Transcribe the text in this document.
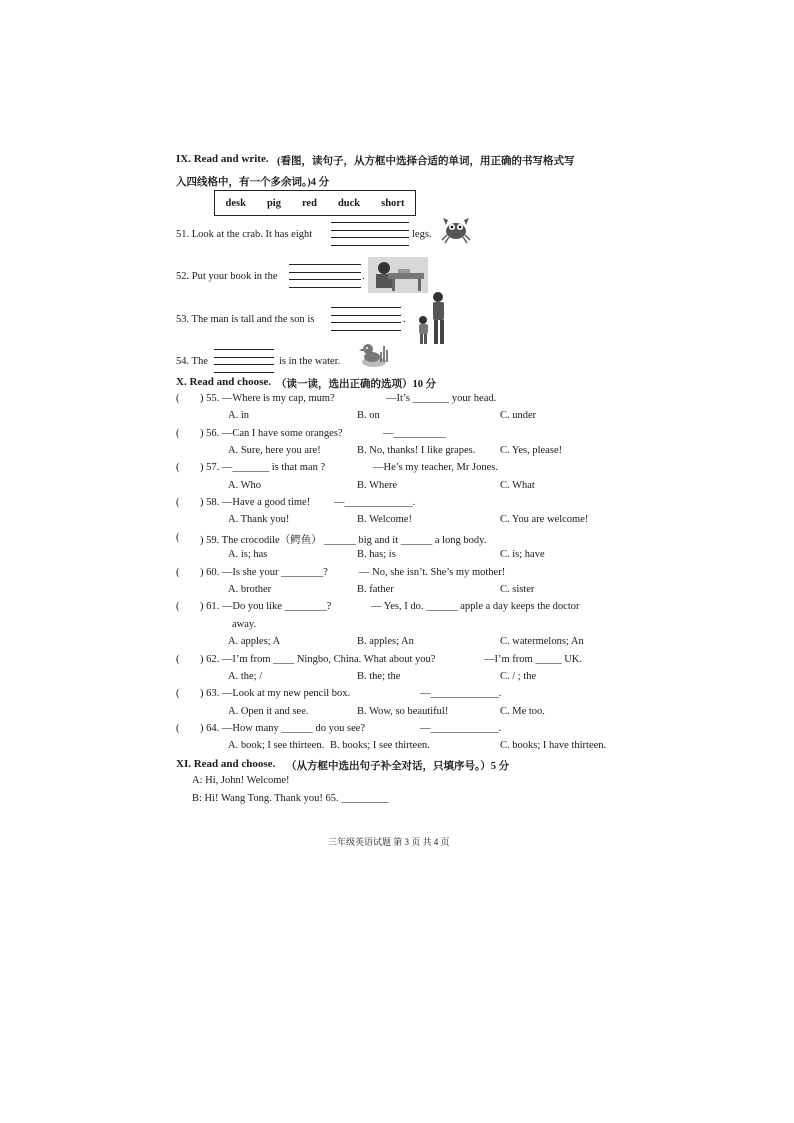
IX. Read and write. (看图，读句子，从方框中选择合适的单词，用正确的书写格式写
入四线格中，有一个多余词。)4 分
desk pig red duck short
51. Look at the crab. It has eight	legs.
52. Put your book in the	.
53. The man is tall and the son is	.
54. The	is in the water.
X. Read and choose. （读一读，选出正确的选项）10 分
( ) 55. —Where is my cap, mum?	—It’s _______ your head.
A. in	B. on	C. under
( ) 56. —Can I have some oranges?	—__________
A. Sure, here you are!	B. No, thanks! I like grapes. C. Yes, please!
( ) 57. —_______ is that man ?	—He’s my teacher, Mr Jones.
A. Who	B. Where	C. What
( ) 58. —Have a good time! —_____________.
A. Thank you!	B. Welcome!	C. You are welcome!
( ) 59. The crocodile（鳄鱼） ______ big and it ______ a long body.
A. is; has	B. has; is	C. is; have
( ) 60. —Is she your ________?	— No, she isn’t. She’s my mother!
A. brother	B. father	C. sister
( ) 61. —Do you like ________?	— Yes, I do. ______ apple a day keeps the doctor
away.
A. apples; A	B. apples; An	C. watermelons; An
( ) 62. —I’m from ____ Ningbo, China. What about you?	—I’m from _____ UK.
A. the; /	B. the; the	C. / ; the
( ) 63. —Look at my new pencil box.	—_____________.
A. Open it and see.	B. Wow, so beautiful!	C. Me too.
( ) 64. —How many ______ do you see?	—_____________.
A. book; I see thirteen. B. books; I see thirteen.	C. books; I have thirteen.
XI. Read and choose. （从方框中选出句子补全对话，只填序号。）5 分
A: Hi, John! Welcome!
B: Hi! Wang Tong. Thank you! 65. _________
三年级英语试题 第 3 页 共 4 页
